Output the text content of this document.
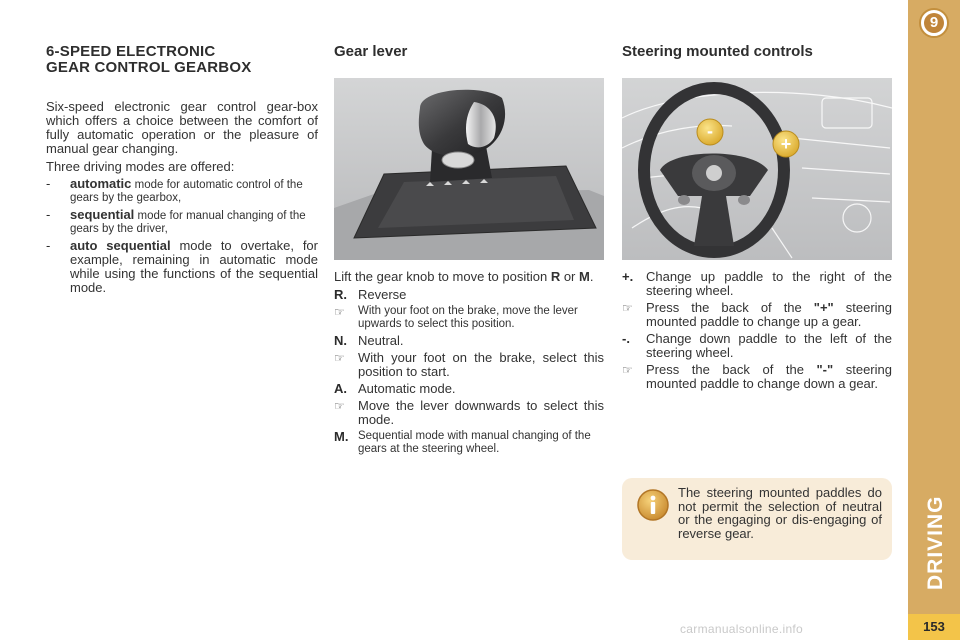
6-SPEED ELECTRONIC
GEAR CONTROL GEARBOX

Six-speed electronic gear control gear-box which offers a choice between the comfort of fully automatic operation or the pleasure of manual gear changing.

Three driving modes are offered:

-	automatic mode for automatic control of the gears by the gearbox,
-	sequential mode for manual changing of the gears by the driver,
-	auto sequential mode to overtake, for example, remaining in automatic mode while using the functions of the sequential mode.
Gear lever

Lift the gear knob to move to position R or M.

R. Reverse
☞	With your foot on the brake, move the lever upwards to select this position.
N. Neutral.
☞	With your foot on the brake, select this position to start.
A. Automatic mode.
☞	Move the lever downwards to select this mode.
M. Sequential mode with manual changing of the gears at the steering wheel.
Steering mounted controls
-
+
+. Change up paddle to the right of the steering wheel.
☞	Press the back of the "+" steering mounted paddle to change up a gear.
-.	Change down paddle to the left of the steering wheel.
☞	Press the back of the "-" steering mounted paddle to change down a gear.

The steering mounted paddles do not permit the selection of neutral or the engaging or dis-engaging of reverse gear.

9
DRIVING
153
carmanualsonline.info
